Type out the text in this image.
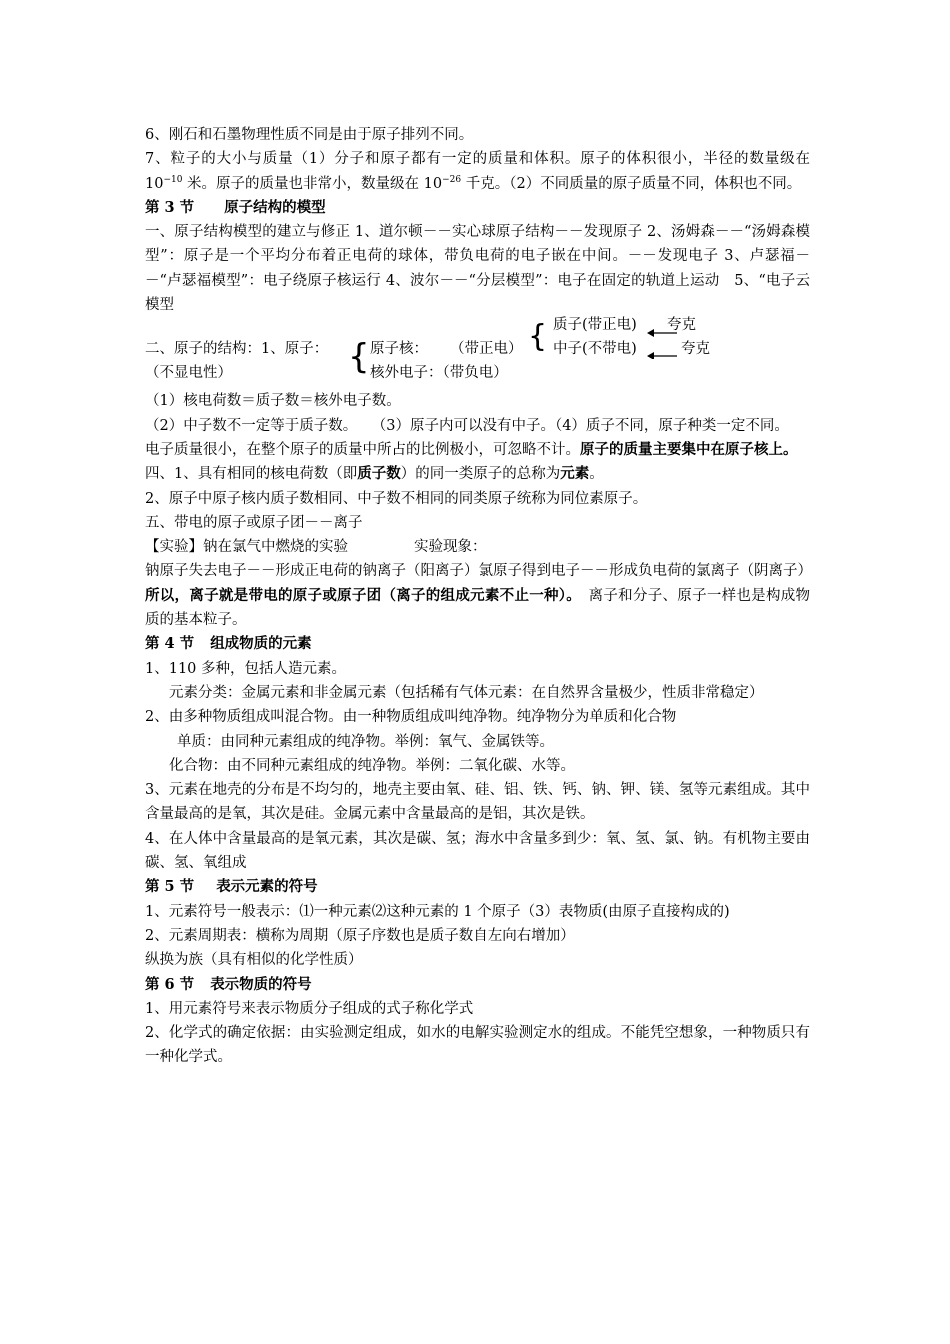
6、刚石和石墨物理性质不同是由于原子排列不同。

7、粒子的大小与质量（1）分子和原子都有一定的质量和体积。原子的体积很小，半径的数量级在 $10^{-10}$ 米。原子的质量也非常小，数量级在 $10^{-26}$ 千克。（2）不同质量的原子质量不同，体积也不同。

第 3 节 原子结构的模型

一、原子结构模型的建立与修正 1、道尔顿－－实心球原子结构－－发现原子 2、汤姆森－－“汤姆森模型”：原子是一个平均分布着正电荷的球体，带负电荷的电子嵌在中间。－－发现电子 3、卢瑟福－－“卢瑟福模型”：电子绕原子核运行 4、波尔－－“分层模型”：电子在固定的轨道上运动　5、“电子云模型

质子(带正电) 夸克
中子(不带电)	夸克
{
二、原子的结构：1、原子： { 原子核： （带正电）
（不显电性）	核外电子：（带负电）

（1）核电荷数＝质子数＝核外电子数。

（2）中子数不一定等于质子数。　　（3）原子内可以没有中子。（4）质子不同，原子种类一定不同。

电子质量很小，在整个原子的质量中所占的比例极小，可忽略不计。原子的质量主要集中在原子核上。

四、1、具有相同的核电荷数（即质子数）的同一类原子的总称为元素。

2、原子中原子核内质子数相同、中子数不相同的同类原子统称为同位素原子。

五、带电的原子或原子团－－离子

【实验】钠在氯气中燃烧的实验	实验现象：

钠原子失去电子－－形成正电荷的钠离子（阳离子）氯原子得到电子－－形成负电荷的氯离子（阴离子）

所以，离子就是带电的原子或原子团（离子的组成元素不止一种）。　离子和分子、原子一样也是构成物质的基本粒子。

第 4 节 组成物质的元素

1、110 多种，包括人造元素。

元素分类：金属元素和非金属元素（包括稀有气体元素：在自然界含量极少，性质非常稳定）

2、由多种物质组成叫混合物。由一种物质组成叫纯净物。纯净物分为单质和化合物

单质：由同种元素组成的纯净物。举例：氧气、金属铁等。

化合物：由不同种元素组成的纯净物。举例：二氧化碳、水等。

3、元素在地壳的分布是不均匀的，地壳主要由氧、硅、铝、铁、钙、钠、钾、镁、氢等元素组成。其中含量最高的是氧，其次是硅。金属元素中含量最高的是铝，其次是铁。

4、在人体中含量最高的是氧元素，其次是碳、氢；海水中含量多到少：氧、氢、氯、钠。有机物主要由碳、氢、氧组成

第 5 节 表示元素的符号

1、元素符号一般表示：⑴一种元素⑵这种元素的 1 个原子（3）表物质(由原子直接构成的)

2、元素周期表：横称为周期（原子序数也是质子数自左向右增加）

纵换为族（具有相似的化学性质）

第 6 节 表示物质的符号

1、用元素符号来表示物质分子组成的式子称化学式

2、化学式的确定依据：由实验测定组成，如水的电解实验测定水的组成。不能凭空想象，一种物质只有一种化学式。
